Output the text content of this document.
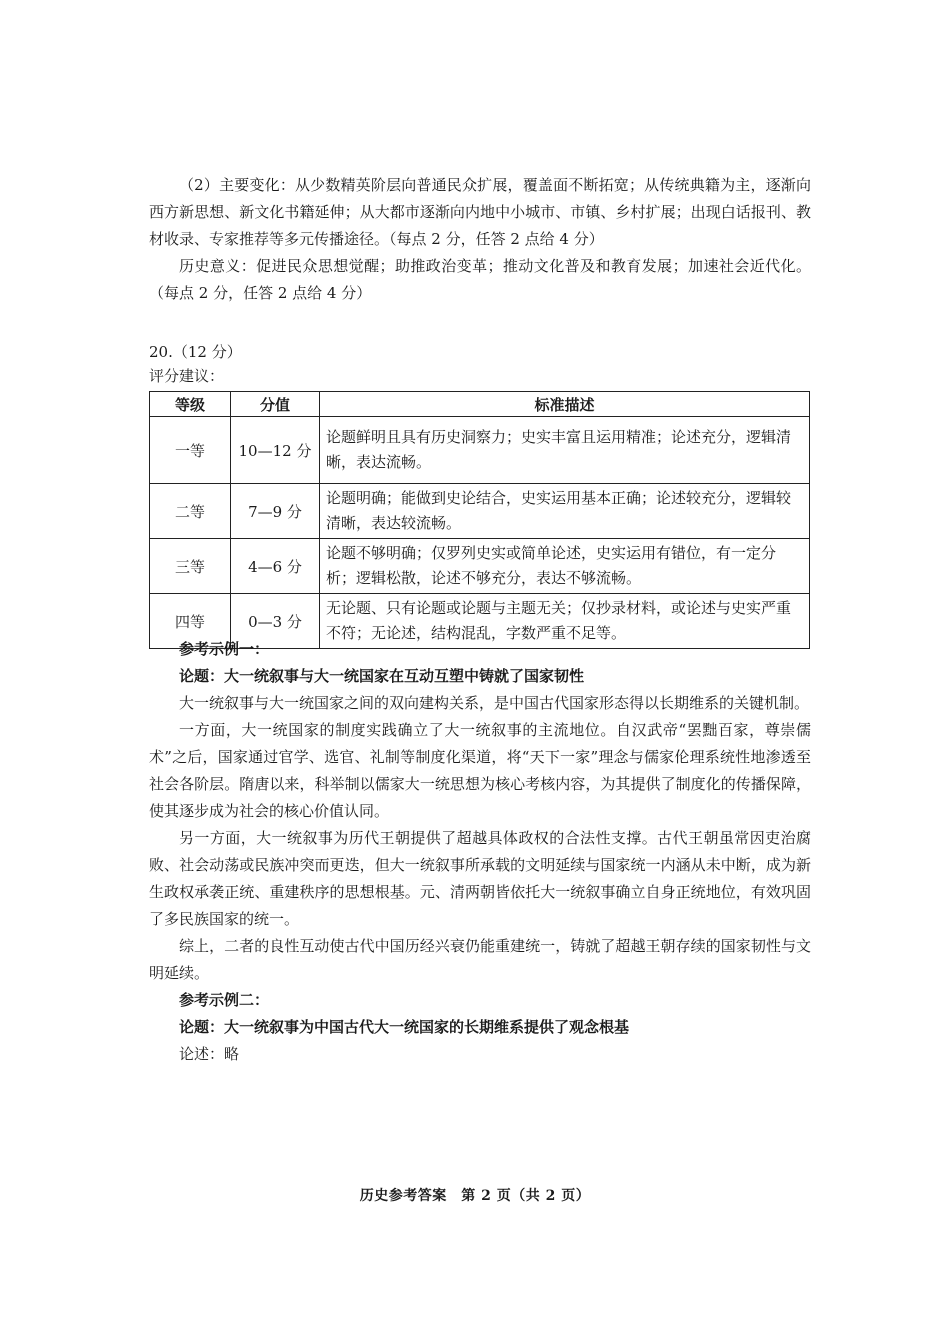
（2）主要变化：从少数精英阶层向普通民众扩展，覆盖面不断拓宽；从传统典籍为主，逐渐向西方新思想、新文化书籍延伸；从大都市逐渐向内地中小城市、市镇、乡村扩展；出现白话报刊、教材收录、专家推荐等多元传播途径。（每点 2 分，任答 2 点给 4 分）

历史意义：促进民众思想觉醒；助推政治变革；推动文化普及和教育发展；加速社会近代化。（每点 2 分，任答 2 点给 4 分）

20.（12 分）

评分建议：

等级	分值	标准描述
一等	10—12 分	论题鲜明且具有历史洞察力；史实丰富且运用精准；论述充分，逻辑清晰，表达流畅。
二等	7—9 分	论题明确；能做到史论结合，史实运用基本正确；论述较充分，逻辑较清晰，表达较流畅。
三等	4—6 分	论题不够明确；仅罗列史实或简单论述，史实运用有错位，有一定分析；逻辑松散，论述不够充分，表达不够流畅。
四等	0—3 分	无论题、只有论题或论题与主题无关；仅抄录材料，或论述与史实严重不符；无论述，结构混乱，字数严重不足等。

参考示例一：

论题：大一统叙事与大一统国家在互动互塑中铸就了国家韧性

大一统叙事与大一统国家之间的双向建构关系，是中国古代国家形态得以长期维系的关键机制。

一方面，大一统国家的制度实践确立了大一统叙事的主流地位。自汉武帝“罢黜百家，尊崇儒术”之后，国家通过官学、选官、礼制等制度化渠道，将“天下一家”理念与儒家伦理系统性地渗透至社会各阶层。隋唐以来，科举制以儒家大一统思想为核心考核内容，为其提供了制度化的传播保障，使其逐步成为社会的核心价值认同。

另一方面，大一统叙事为历代王朝提供了超越具体政权的合法性支撑。古代王朝虽常因吏治腐败、社会动荡或民族冲突而更迭，但大一统叙事所承载的文明延续与国家统一内涵从未中断，成为新生政权承袭正统、重建秩序的思想根基。元、清两朝皆依托大一统叙事确立自身正统地位，有效巩固了多民族国家的统一。

综上，二者的良性互动使古代中国历经兴衰仍能重建统一，铸就了超越王朝存续的国家韧性与文明延续。

参考示例二：

论题：大一统叙事为中国古代大一统国家的长期维系提供了观念根基

论述：略

历史参考答案　第 2 页（共 2 页）
